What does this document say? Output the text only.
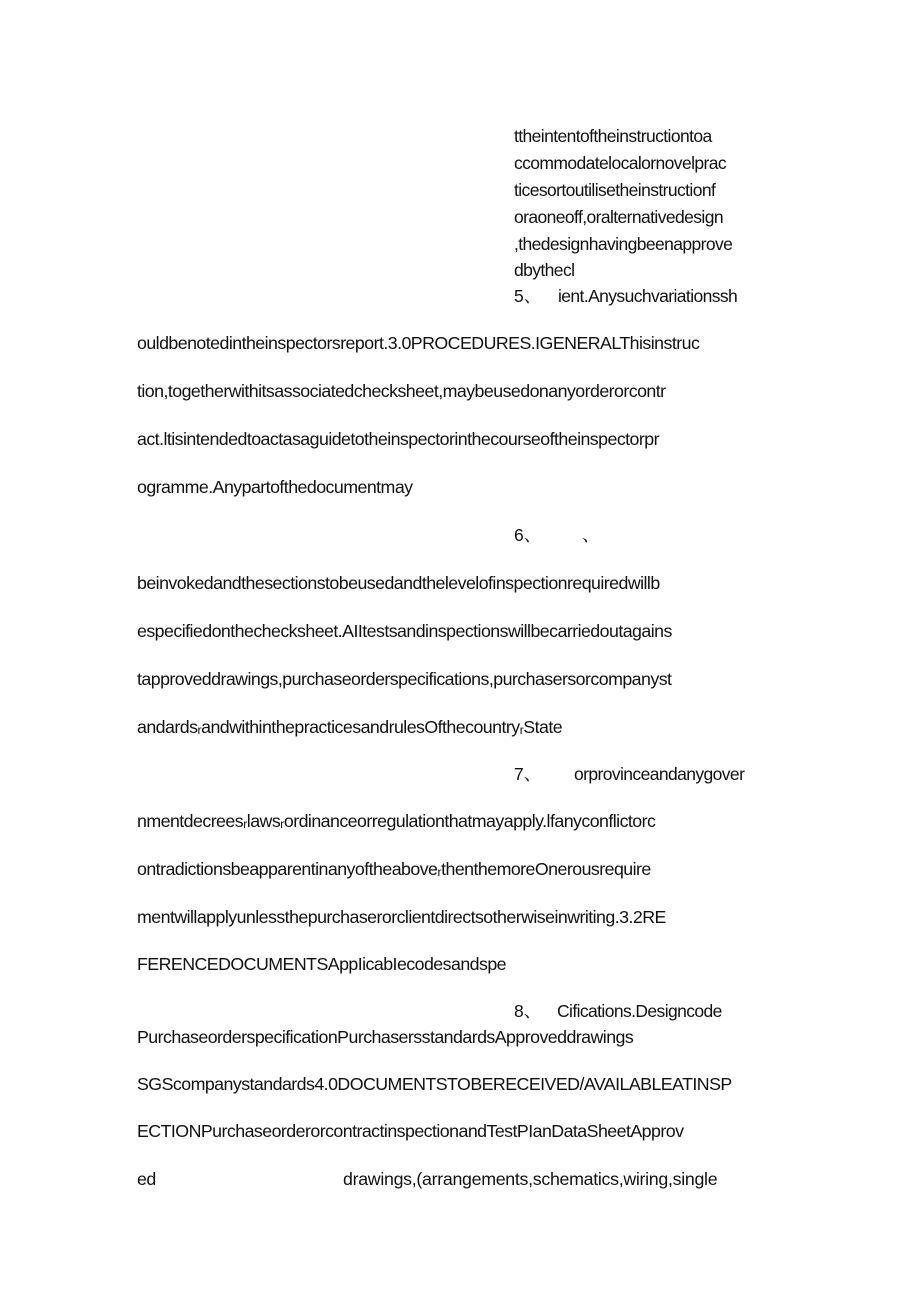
ttheintentoftheinstructiontoa
ccommodatelocalornovelprac
ticesortoutilisetheinstructionf
oraoneoff,oralternativedesign
,thedesignhavingbeenapprove
dbythecl
5、 ient.Anysuchvariationssh
ouldbenotedintheinspectorsreport.3.0PROCEDURES.IGENERALThisinstruc
tion,togetherwithitsassociatedchecksheet,maybeusedonanyorderorcontr
act.ltisintendedtoactasaguidetotheinspectorinthecourseoftheinspectorpr
ogramme.Anypartofthedocumentmay
6、 、
beinvokedandthesectionstobeusedandthelevelofinspectionrequiredwillb
especifiedonthechecksheet.AIItestsandinspectionswillbecarriedoutagains
tapproveddrawings,purchaseorderspecifications,purchasersorcompanyst
andardsᵣandwithinthepracticesandrulesOfthecountryᵣState
7、 orprovinceandanygover
nmentdecreesᵣlawsᵣordinanceorregulationthatmayapply.lfanyconflictorc
ontradictionsbeapparentinanyoftheaboveᵣthenthemoreOnerousrequire
mentwillapplyunlessthepurchaserorclientdirectsotherwiseinwriting.3.2RE
FERENCEDOCUMENTSAppIicabIecodesandspe
8、 Cifications.Designcode
PurchaseorderspecificationPurchasersstandardsApproveddrawings
SGScompanystandards4.0DOCUMENTSTOBERECEIVED/AVAILABLEATINSP
ECTIONPurchaseorderorcontractinspectionandTestPIanDataSheetApprov
ed	drawings,(arrangements,schematics,wiring,single
